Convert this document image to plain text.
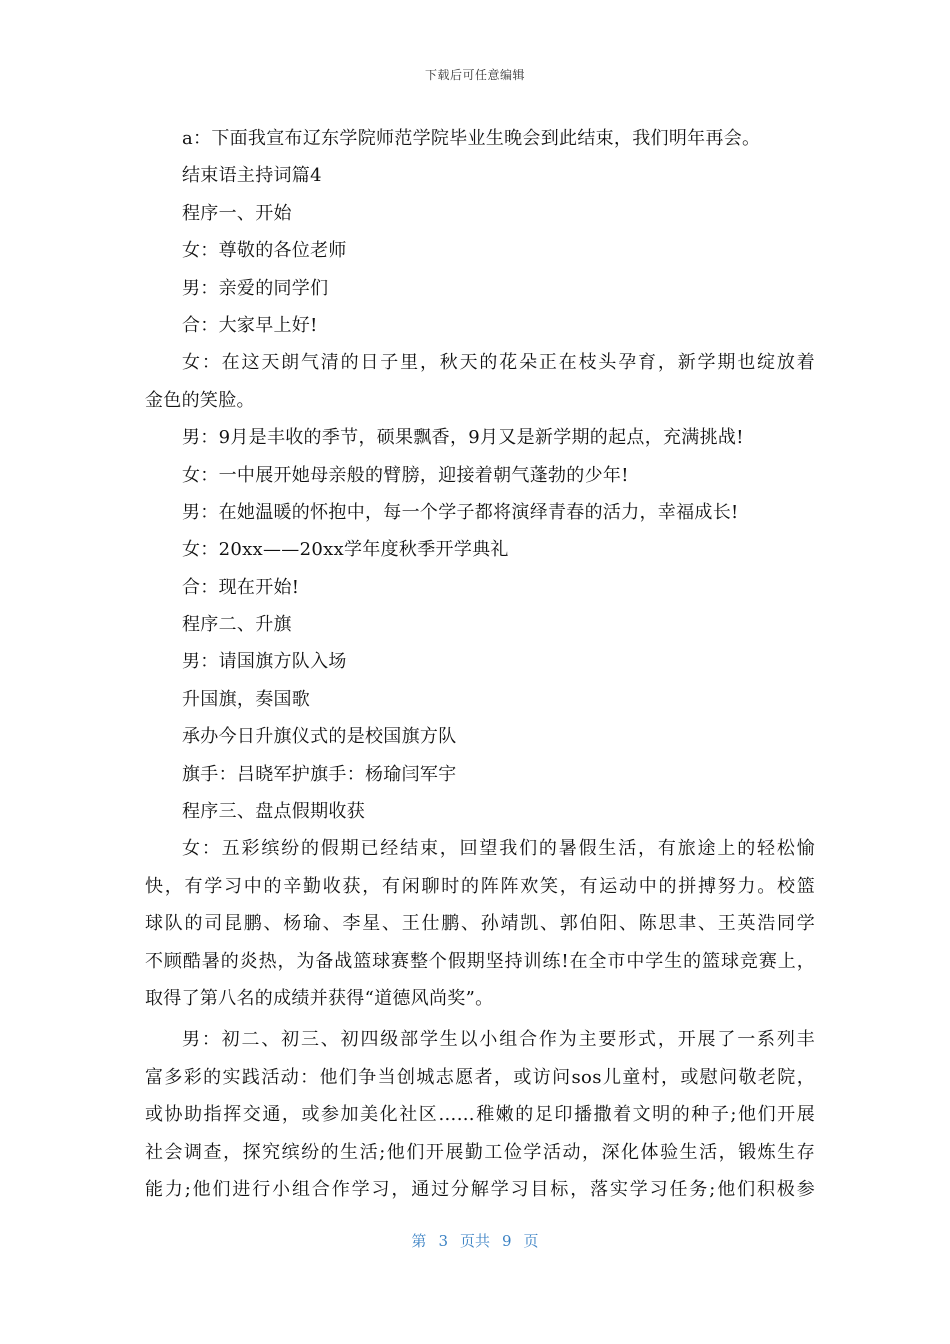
下载后可任意编辑
a：下面我宣布辽东学院师范学院毕业生晚会到此结束，我们明年再会。
结束语主持词篇4
程序一、开始
女：尊敬的各位老师
男：亲爱的同学们
合：大家早上好!
女：在这天朗气清的日子里，秋天的花朵正在枝头孕育，新学期也绽放着
金色的笑脸。
男：9月是丰收的季节，硕果飘香，9月又是新学期的起点，充满挑战!
女：一中展开她母亲般的臂膀，迎接着朝气蓬勃的少年!
男：在她温暖的怀抱中，每一个学子都将演绎青春的活力，幸福成长!
女：20xx——20xx学年度秋季开学典礼
合：现在开始!
程序二、升旗
男：请国旗方队入场
升国旗，奏国歌
承办今日升旗仪式的是校国旗方队
旗手：吕晓军护旗手：杨瑜闫军宇
程序三、盘点假期收获
女：五彩缤纷的假期已经结束，回望我们的暑假生活，有旅途上的轻松愉
快，有学习中的辛勤收获，有闲聊时的阵阵欢笑，有运动中的拼搏努力。校篮
球队的司昆鹏、杨瑜、李星、王仕鹏、孙靖凯、郭伯阳、陈思聿、王英浩同学
不顾酷暑的炎热，为备战篮球赛整个假期坚持训练!在全市中学生的篮球竞赛上，
取得了第八名的成绩并获得“道德风尚奖”。
男：初二、初三、初四级部学生以小组合作为主要形式，开展了一系列丰
富多彩的实践活动：他们争当创城志愿者，或访问sos儿童村，或慰问敬老院，
或协助指挥交通，或参加美化社区……稚嫩的足印播撒着文明的种子;他们开展
社会调查，探究缤纷的生活;他们开展勤工俭学活动，深化体验生活，锻炼生存
能力;他们进行小组合作学习，通过分解学习目标，落实学习任务;他们积极参
第 3 页共 9 页
